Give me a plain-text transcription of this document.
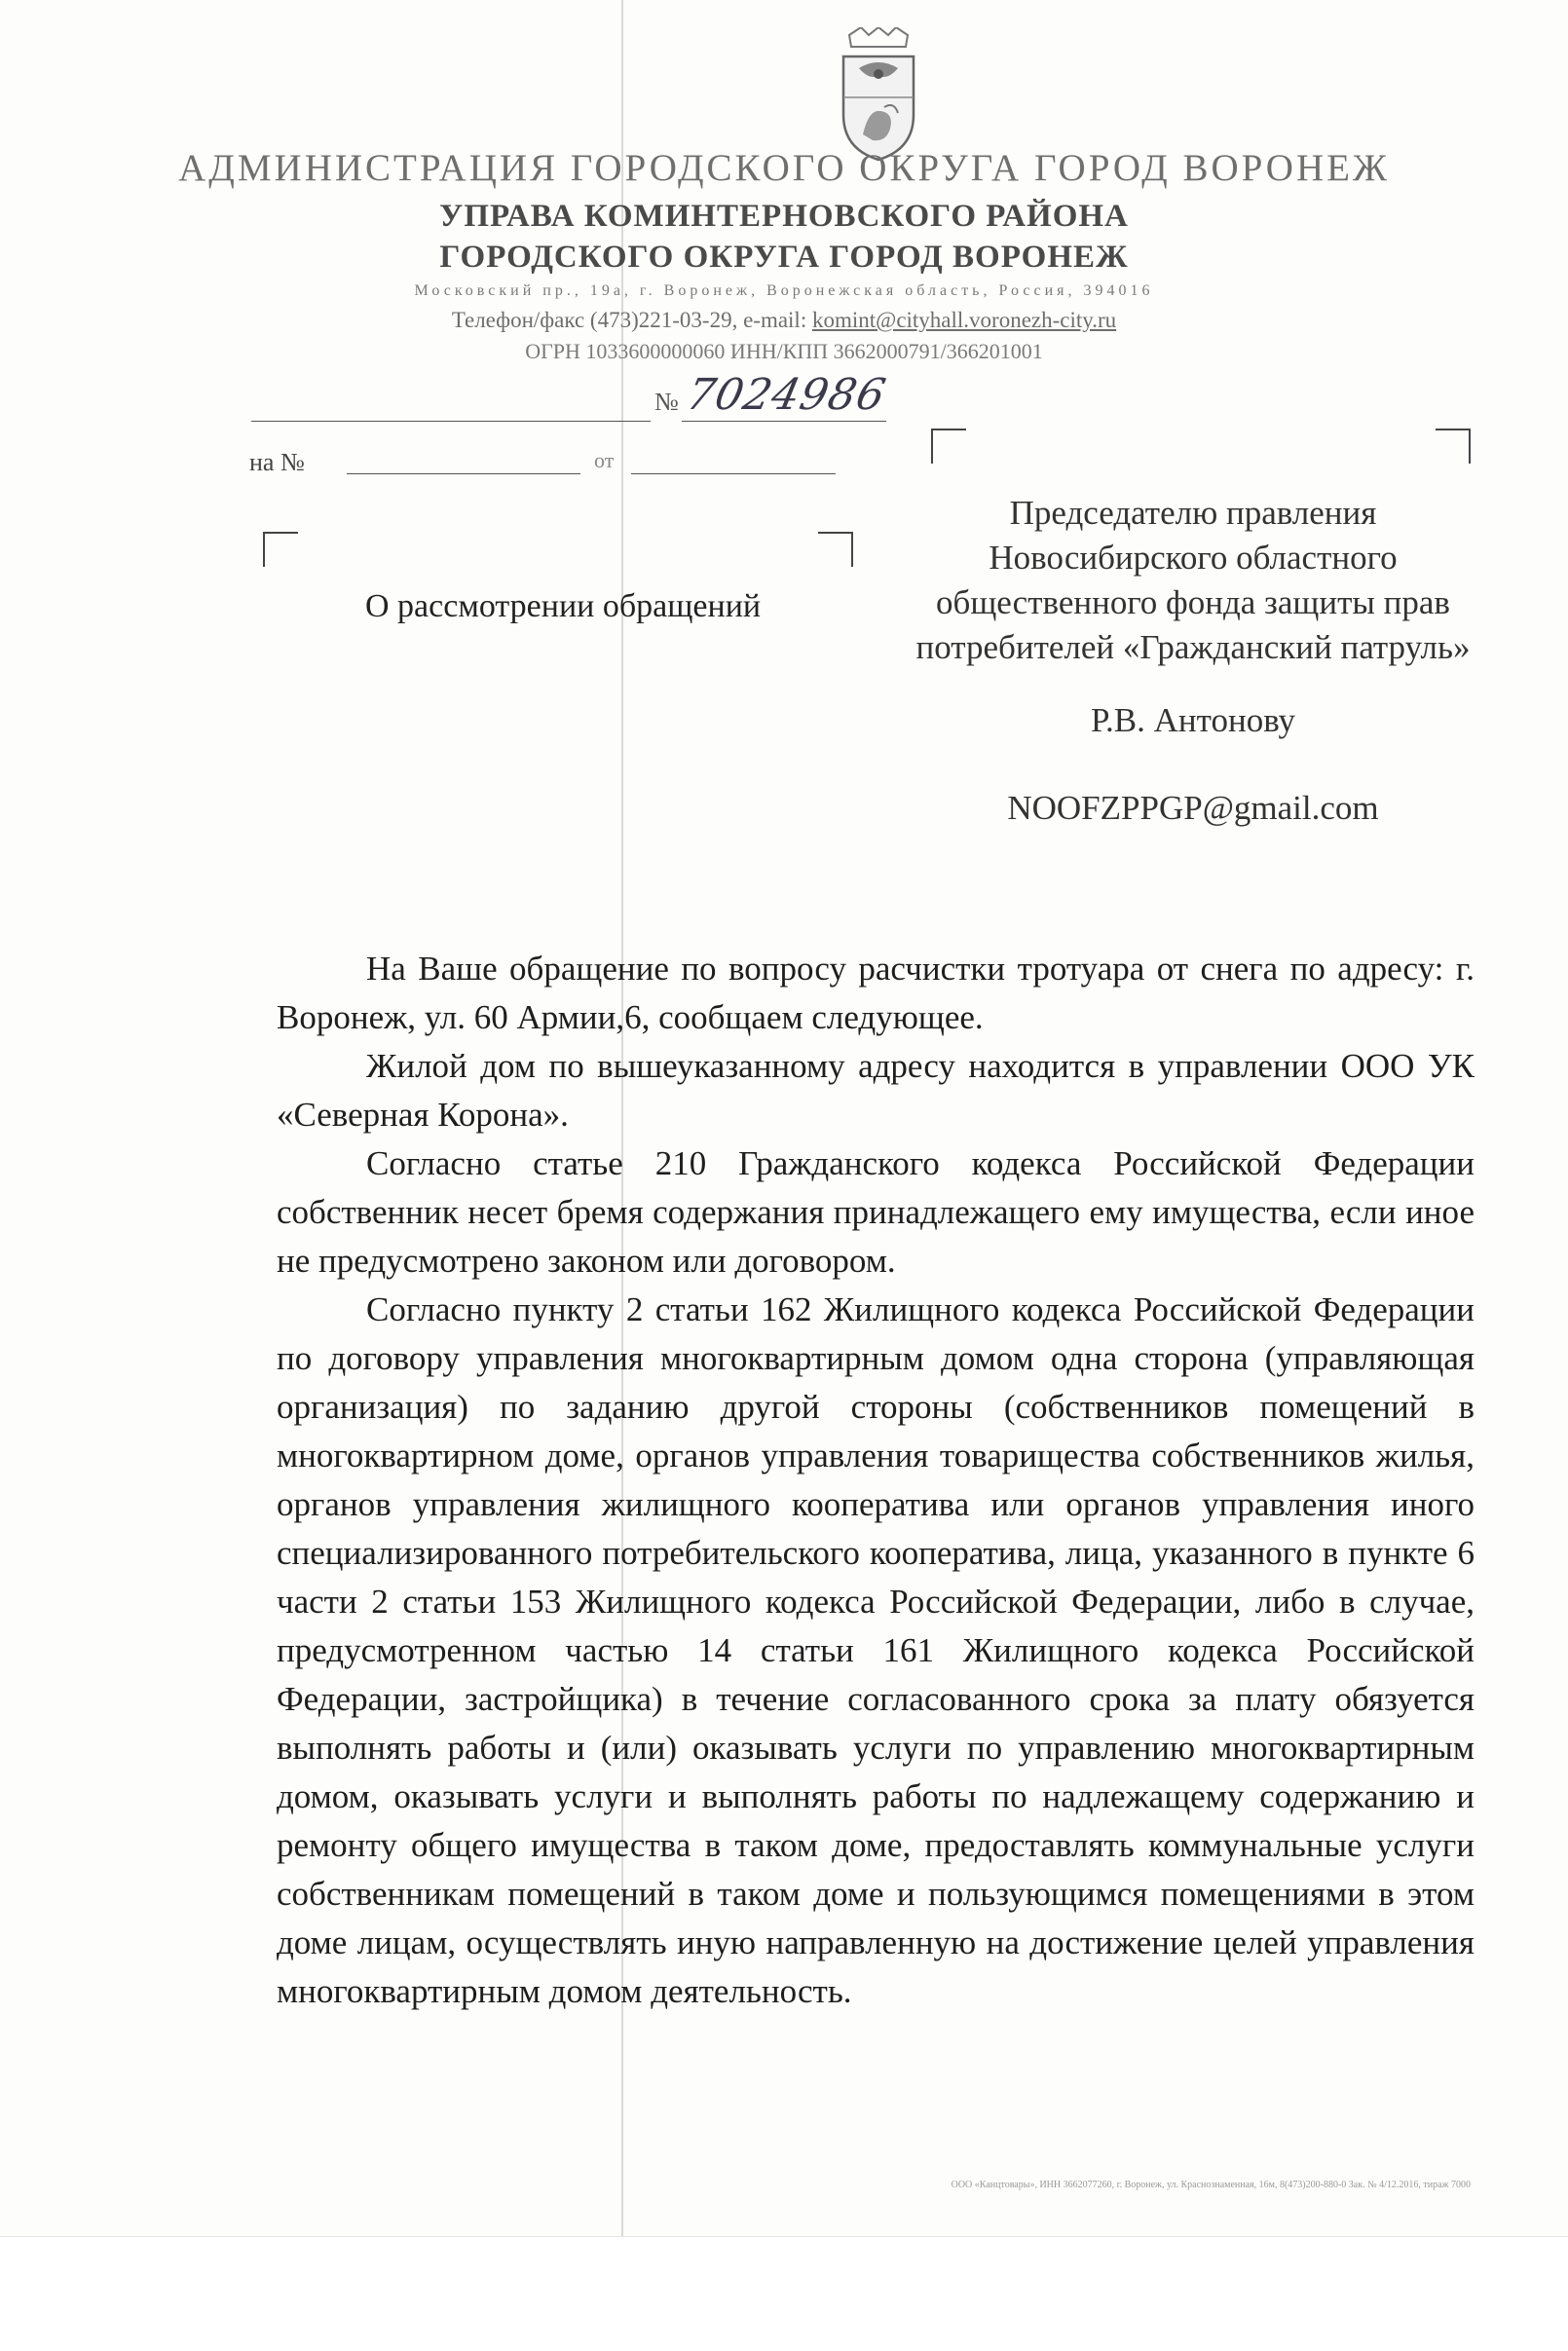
АДМИНИСТРАЦИЯ ГОРОДСКОГО ОКРУГА ГОРОД ВОРОНЕЖ
УПРАВА КОМИНТЕРНОВСКОГО РАЙОНА
ГОРОДСКОГО ОКРУГА ГОРОД ВОРОНЕЖ
Московский пр., 19а, г. Воронеж, Воронежская область, Россия, 394016
Телефон/факс (473)221-03-29, e-mail: komint@cityhall.voronezh-city.ru
ОГРН 1033600000060 ИНН/КПП 3662000791/366201001
№ 7024986
на №	от
О рассмотрении обращений
Председателю правления
Новосибирского областного
общественного фонда защиты прав
потребителей «Гражданский патруль»
Р.В. Антонову
NOOFZPPGP@gmail.com

На Ваше обращение по вопросу расчистки тротуара от снега по адресу: г. Воронеж, ул. 60 Армии,6, сообщаем следующее.

Жилой дом по вышеуказанному адресу находится в управлении ООО УК «Северная Корона».

Согласно статье 210 Гражданского кодекса Российской Федерации собственник несет бремя содержания принадлежащего ему имущества, если иное не предусмотрено законом или договором.

Согласно пункту 2 статьи 162 Жилищного кодекса Российской Федерации по договору управления многоквартирным домом одна сторона (управляющая организация) по заданию другой стороны (собственников помещений в многоквартирном доме, органов управления товарищества собственников жилья, органов управления жилищного кооператива или органов управления иного специализированного потребительского кооператива, лица, указанного в пункте 6 части 2 статьи 153 Жилищного кодекса Российской Федерации, либо в случае, предусмотренном частью 14 статьи 161 Жилищного кодекса Российской Федерации, застройщика) в течение согласованного срока за плату обязуется выполнять работы и (или) оказывать услуги по управлению многоквартирным домом, оказывать услуги и выполнять работы по надлежащему содержанию и ремонту общего имущества в таком доме, предоставлять коммунальные услуги собственникам помещений в таком доме и пользующимся помещениями в этом доме лицам, осуществлять иную направленную на достижение целей управления многоквартирным домом деятельность.

ООО «Канцтовары», ИНН 3662077260, г. Воронеж, ул. Краснознаменная, 16м, 8(473)200-880-0 Зак. № 4/12.2016, тираж 7000
